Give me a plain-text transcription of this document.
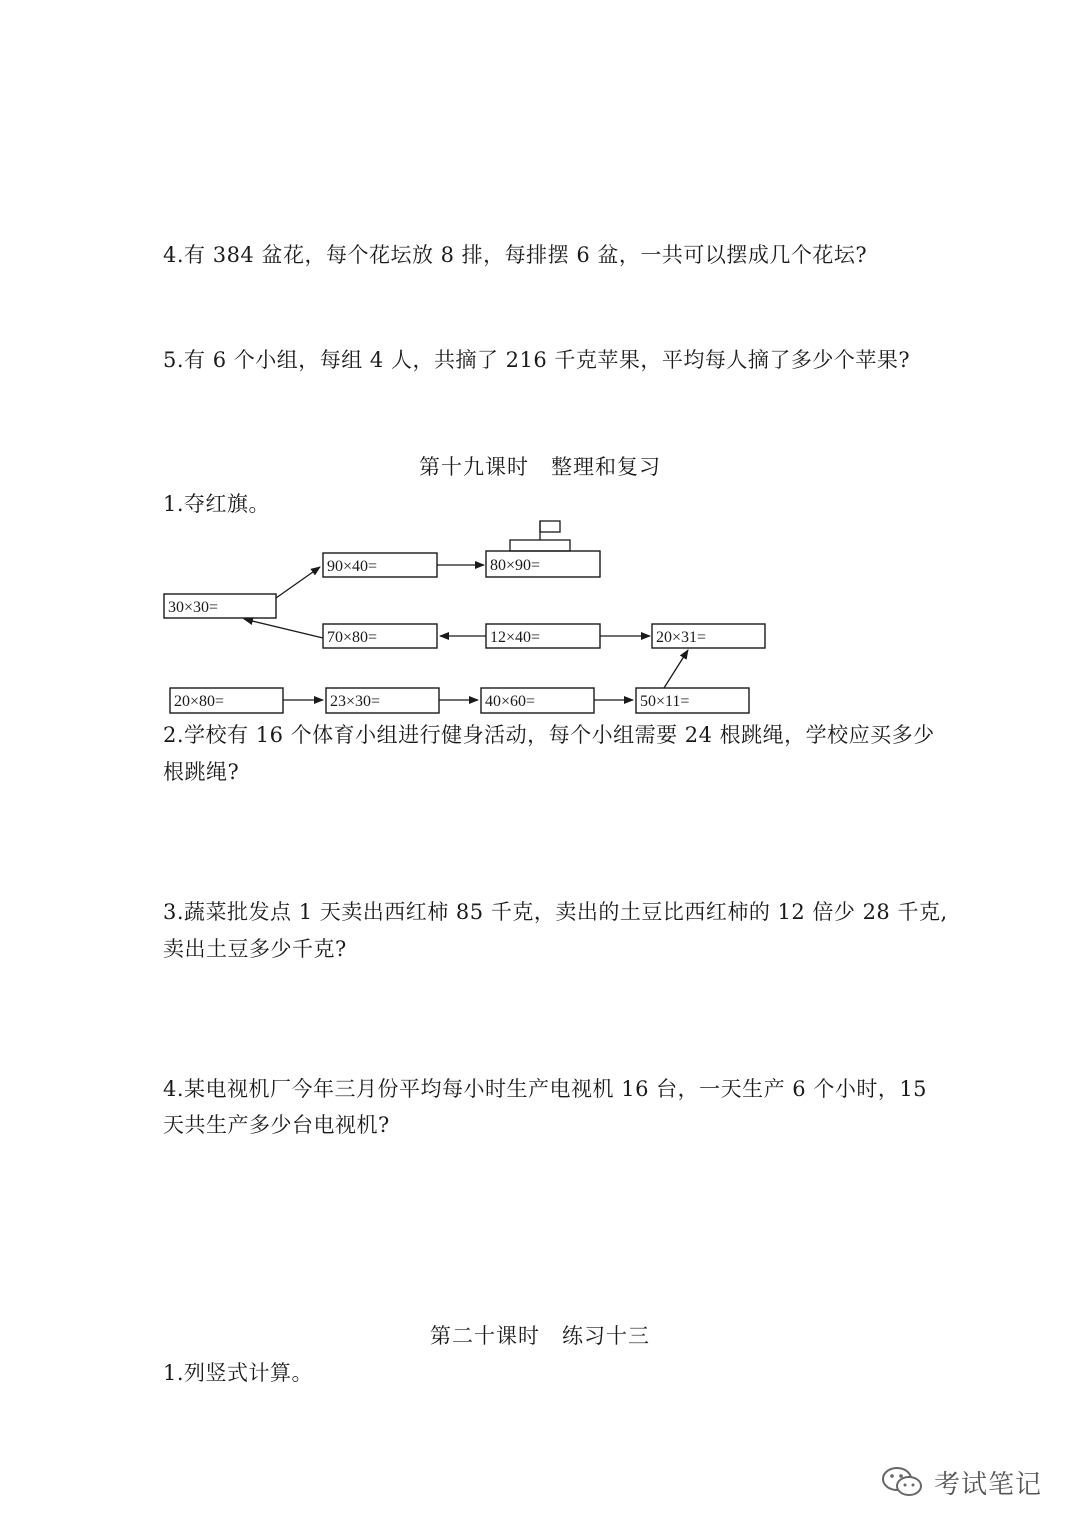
4.有 384 盆花，每个花坛放 8 排，每排摆 6 盆，一共可以摆成几个花坛?
5.有 6 个小组，每组 4 人，共摘了 216 千克苹果，平均每人摘了多少个苹果?
第十九课时　整理和复习
1.夺红旗。
30×30=
90×40=	80×90=
70×80=	12×40=	20×31=
20×80=	23×30=	40×60=	50×11=
2.学校有 16 个体育小组进行健身活动，每个小组需要 24 根跳绳，学校应买多少
根跳绳?
3.蔬菜批发点 1 天卖出西红柿 85 千克，卖出的土豆比西红柿的 12 倍少 28 千克,
卖出土豆多少千克?
4.某电视机厂今年三月份平均每小时生产电视机 16 台，一天生产 6 个小时，15
天共生产多少台电视机?
第二十课时　练习十三
1.列竖式计算。
考试笔记
